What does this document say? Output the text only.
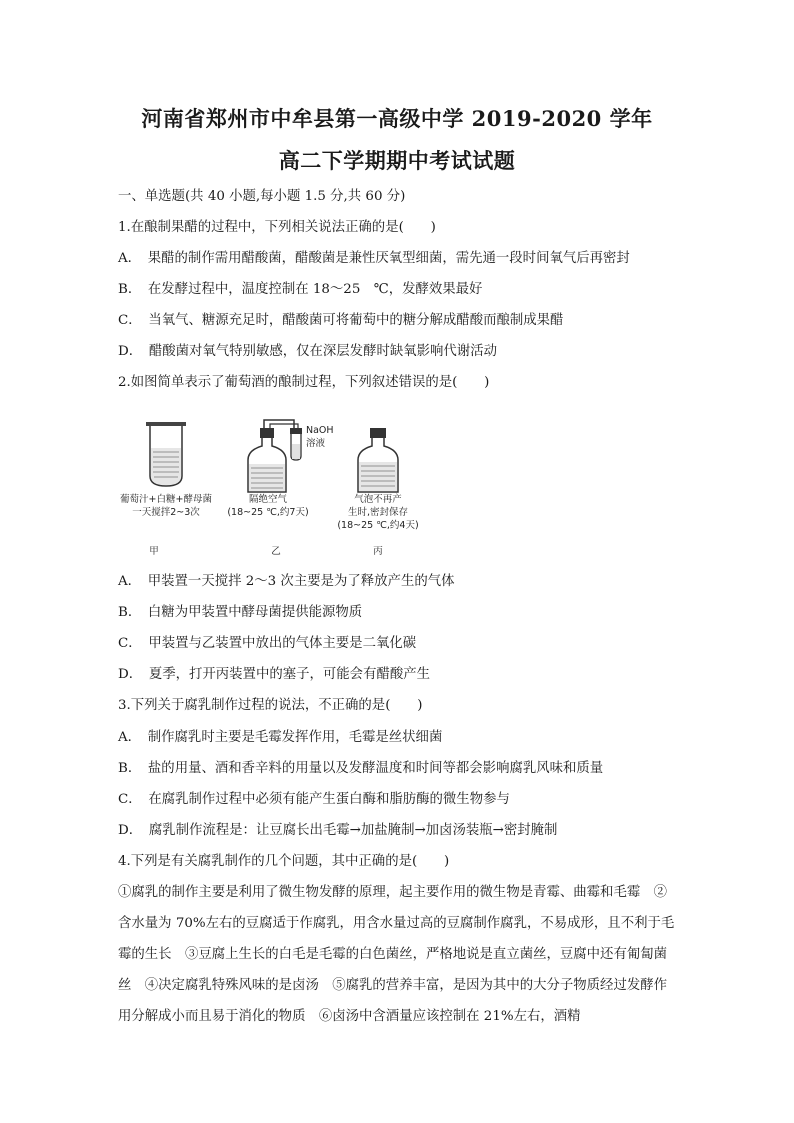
河南省郑州市中牟县第一高级中学 2019-2020 学年
高二下学期期中考试试题
一、单选题(共 40 小题,每小题 1.5 分,共 60 分)
1.在酿制果醋的过程中，下列相关说法正确的是(　　)
A．　果醋的制作需用醋酸菌，醋酸菌是兼性厌氧型细菌，需先通一段时间氧气后再密封
B．　在发酵过程中，温度控制在 18～25　℃，发酵效果最好
C．　当氧气、糖源充足时，醋酸菌可将葡萄中的糖分解成醋酸而酿制成果醋
D．　醋酸菌对氧气特别敏感，仅在深层发酵时缺氧影响代谢活动
2.如图简单表示了葡萄酒的酿制过程，下列叙述错误的是(　　)
NaOH
溶液
葡萄汁+白糖+酵母菌
一天搅拌2~3次
隔绝空气
(18~25 ℃,约7天)
气泡不再产
生时,密封保存
(18~25 ℃,约4天)
甲	乙	丙
A．　甲装置一天搅拌 2～3 次主要是为了释放产生的气体
B．　白糖为甲装置中酵母菌提供能源物质
C．　甲装置与乙装置中放出的气体主要是二氧化碳
D．　夏季，打开丙装置中的塞子，可能会有醋酸产生
3.下列关于腐乳制作过程的说法，不正确的是(　　)
A．　制作腐乳时主要是毛霉发挥作用，毛霉是丝状细菌
B．　盐的用量、酒和香辛料的用量以及发酵温度和时间等都会影响腐乳风味和质量
C．　在腐乳制作过程中必须有能产生蛋白酶和脂肪酶的微生物参与
D．　腐乳制作流程是：让豆腐长出毛霉→加盐腌制→加卤汤装瓶→密封腌制
4.下列是有关腐乳制作的几个问题，其中正确的是(　　)
①腐乳的制作主要是利用了微生物发酵的原理，起主要作用的微生物是青霉、曲霉和毛霉　②含水量为 70%左右的豆腐适于作腐乳，用含水量过高的豆腐制作腐乳，不易成形，且不利于毛霉的生长　③豆腐上生长的白毛是毛霉的白色菌丝，严格地说是直立菌丝，豆腐中还有匍匐菌丝　④决定腐乳特殊风味的是卤汤　⑤腐乳的营养丰富，是因为其中的大分子物质经过发酵作用分解成小而且易于消化的物质　⑥卤汤中含酒量应该控制在 21%左右，酒精
